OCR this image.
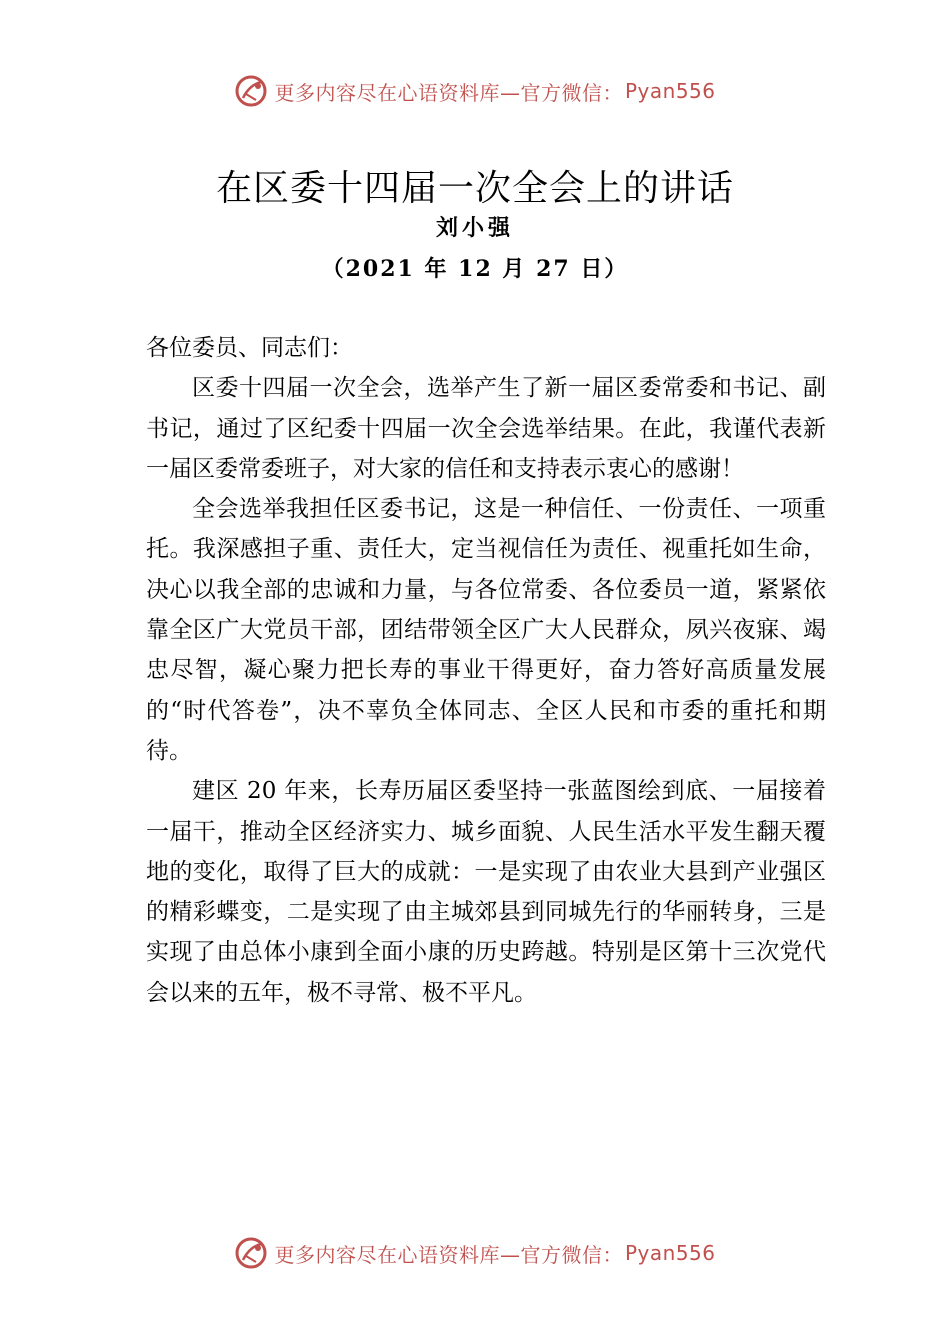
更多内容尽在心语资料库—官方微信： Pyan556
在区委十四届一次全会上的讲话

刘小强

（2021 年 12 月 27 日）

各位委员、同志们：

区委十四届一次全会，选举产生了新一届区委常委和书记、副书记，通过了区纪委十四届一次全会选举结果。在此，我谨代表新一届区委常委班子，对大家的信任和支持表示衷心的感谢！

全会选举我担任区委书记，这是一种信任、一份责任、一项重托。我深感担子重、责任大，定当视信任为责任、视重托如生命，决心以我全部的忠诚和力量，与各位常委、各位委员一道，紧紧依靠全区广大党员干部，团结带领全区广大人民群众，夙兴夜寐、竭忠尽智，凝心聚力把长寿的事业干得更好，奋力答好高质量发展的“时代答卷”，决不辜负全体同志、全区人民和市委的重托和期待。

建区 20 年来，长寿历届区委坚持一张蓝图绘到底、一届接着一届干，推动全区经济实力、城乡面貌、人民生活水平发生翻天覆地的变化，取得了巨大的成就：一是实现了由农业大县到产业强区的精彩蝶变，二是实现了由主城郊县到同城先行的华丽转身，三是实现了由总体小康到全面小康的历史跨越。特别是区第十三次党代会以来的五年，极不寻常、极不平凡。

更多内容尽在心语资料库—官方微信： Pyan556
